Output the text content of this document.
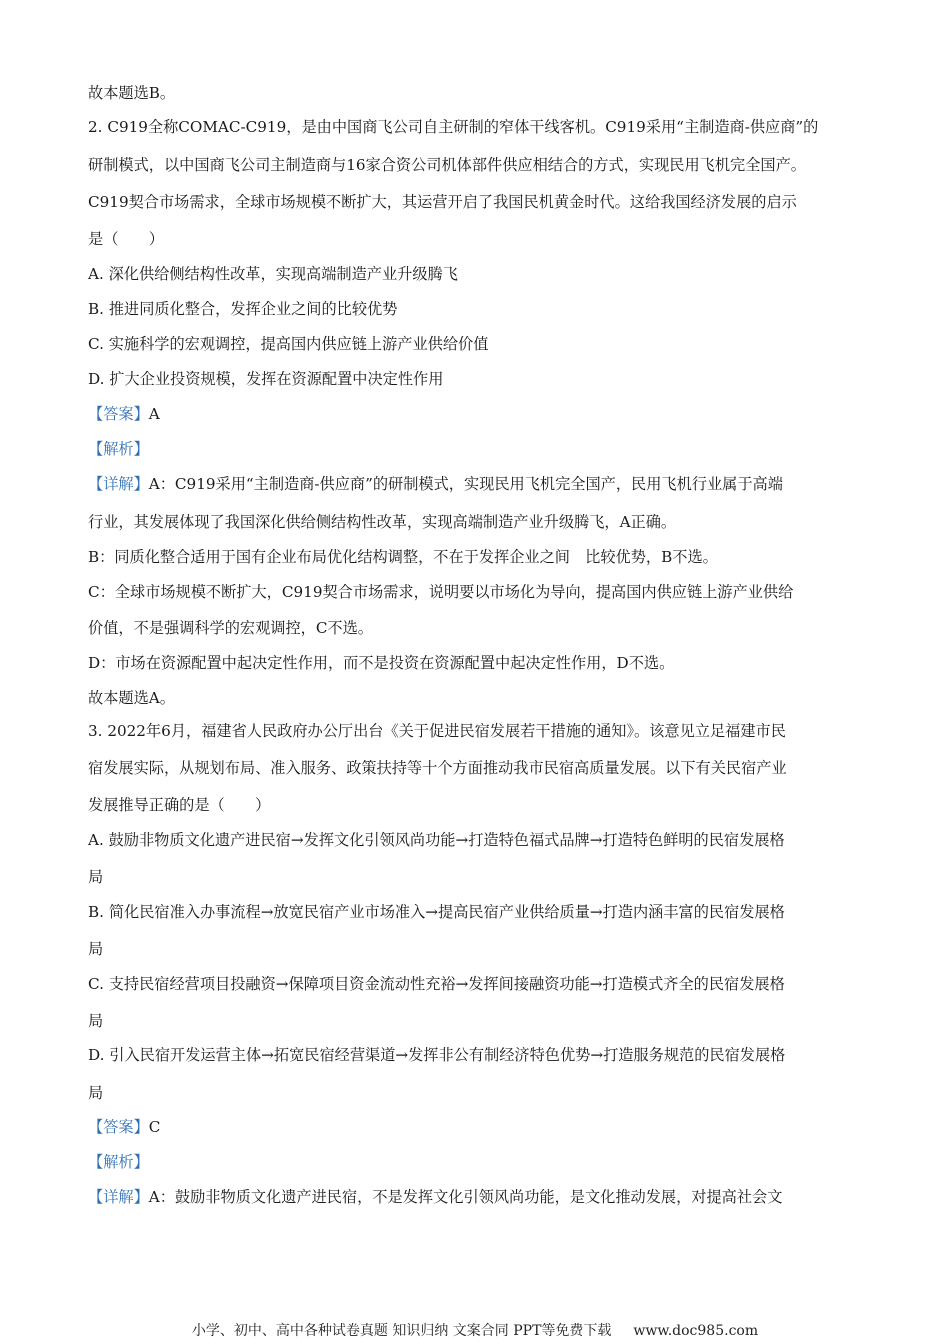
故本题选B。
2. C919全称COMAC-C919，是由中国商飞公司自主研制的窄体干线客机。C919采用“主制造商-供应商”的
研制模式，以中国商飞公司主制造商与16家合资公司机体部件供应相结合的方式，实现民用飞机完全国产。
C919契合市场需求，全球市场规模不断扩大，其运营开启了我国民机黄金时代。这给我国经济发展的启示
是（　　）
A. 深化供给侧结构性改革，实现高端制造产业升级腾飞
B. 推进同质化整合，发挥企业之间的比较优势
C. 实施科学的宏观调控，提高国内供应链上游产业供给价值
D. 扩大企业投资规模，发挥在资源配置中决定性作用
【答案】A
【解析】
【详解】A：C919采用“主制造商-供应商”的研制模式，实现民用飞机完全国产，民用飞机行业属于高端
行业，其发展体现了我国深化供给侧结构性改革，实现高端制造产业升级腾飞，A正确。
B：同质化整合适用于国有企业布局优化结构调整，不在于发挥企业之间　比较优势，B不选。
C：全球市场规模不断扩大，C919契合市场需求，说明要以市场化为导向，提高国内供应链上游产业供给
价值，不是强调科学的宏观调控，C不选。
D：市场在资源配置中起决定性作用，而不是投资在资源配置中起决定性作用，D不选。
故本题选A。
3. 2022年6月，福建省人民政府办公厅出台《关于促进民宿发展若干措施的通知》。该意见立足福建市民
宿发展实际，从规划布局、准入服务、政策扶持等十个方面推动我市民宿高质量发展。以下有关民宿产业
发展推导正确的是（　　）
A. 鼓励非物质文化遗产进民宿→发挥文化引领风尚功能→打造特色福式品牌→打造特色鲜明的民宿发展格
局
B. 简化民宿准入办事流程→放宽民宿产业市场准入→提高民宿产业供给质量→打造内涵丰富的民宿发展格
局
C. 支持民宿经营项目投融资→保障项目资金流动性充裕→发挥间接融资功能→打造模式齐全的民宿发展格
局
D. 引入民宿开发运营主体→拓宽民宿经营渠道→发挥非公有制经济特色优势→打造服务规范的民宿发展格
局
【答案】C
【解析】
【详解】A：鼓励非物质文化遗产进民宿，不是发挥文化引领风尚功能，是文化推动发展，对提高社会文
小学、初中、高中各种试卷真题 知识归纳 文案合同 PPT等免费下载 www.doc985.com
